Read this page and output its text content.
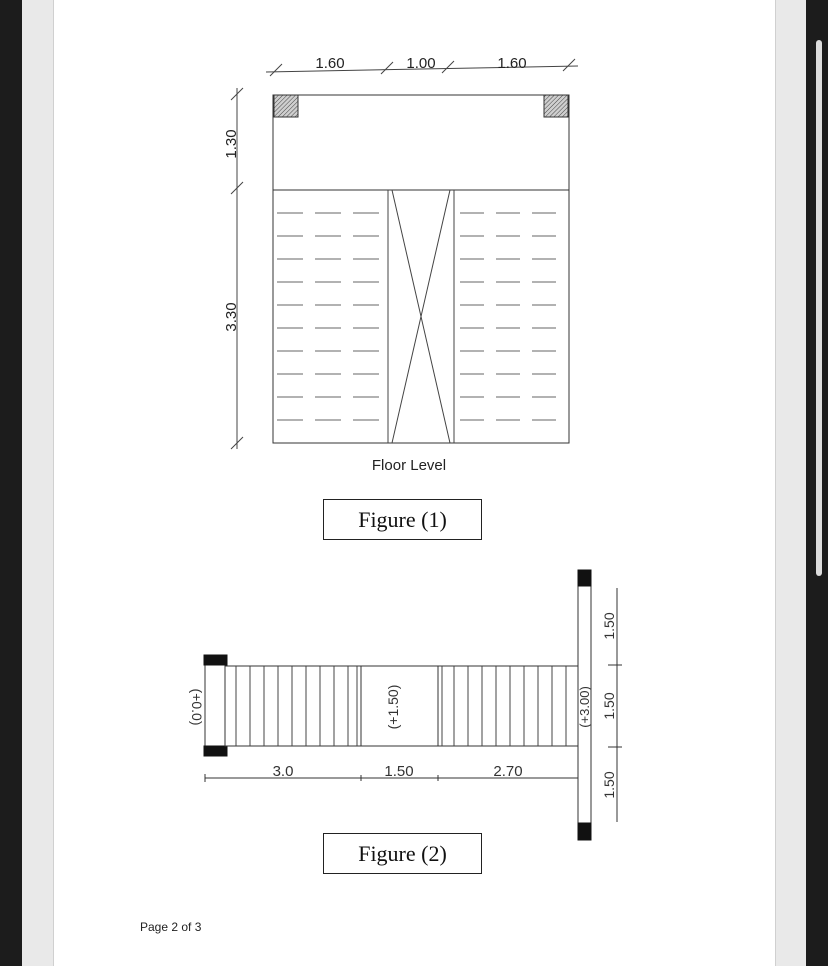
1.60	1.00	1.60
1.30
3.30
Floor Level
(+0.0)	(+1.50)	(+3.00)
3.0	1.50	2.70
1.50
1.50
1.50
Figure (1)
Figure (2)
Page 2 of 3
